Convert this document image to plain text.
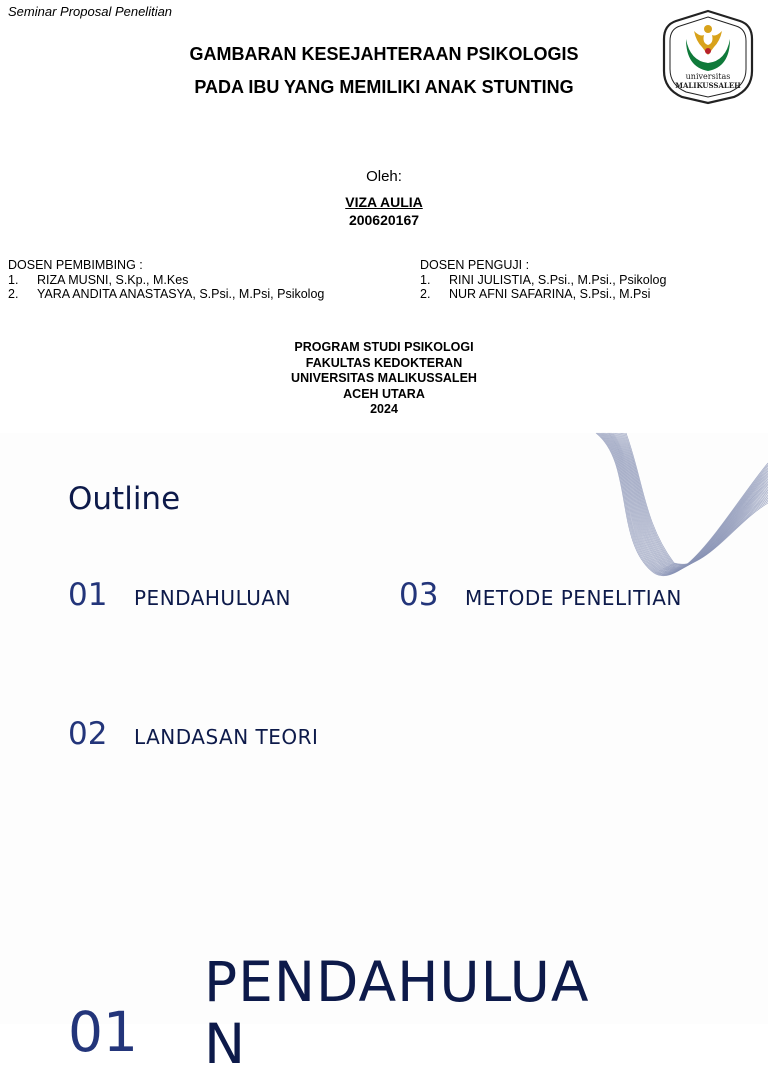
Seminar Proposal Penelitian
GAMBARAN KESEJAHTERAAN PSIKOLOGIS
PADA IBU YANG MEMILIKI ANAK STUNTING
universitas
MALIKUSSALEH
Oleh:
VIZA AULIA
200620167
DOSEN PEMBIMBING :
1.	RIZA MUSNI, S.Kp., M.Kes
2.	YARA ANDITA ANASTASYA, S.Psi., M.Psi, Psikolog
DOSEN PENGUJI :
1.	RINI JULISTIA, S.Psi., M.Psi., Psikolog
2.	NUR AFNI SAFARINA, S.Psi., M.Psi
PROGRAM STUDI PSIKOLOGI
FAKULTAS KEDOKTERAN
UNIVERSITAS MALIKUSSALEH
ACEH UTARA
2024
Outline
01	PENDAHULUAN
02	LANDASAN TEORI
03	METODE PENELITIAN
PENDAHULUA
01 N
